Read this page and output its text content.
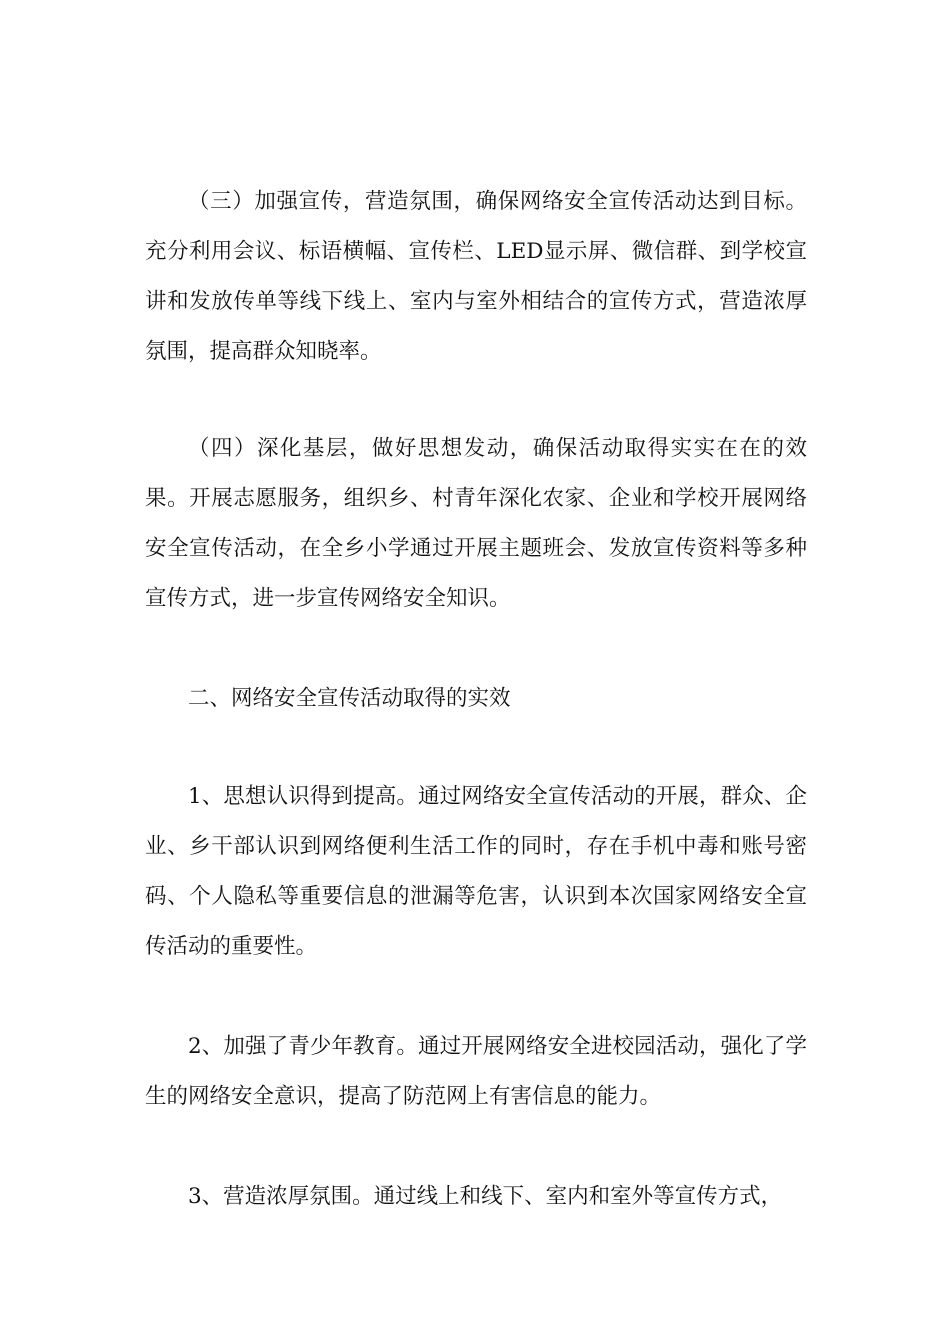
（三）加强宣传，营造氛围，确保网络安全宣传活动达到目标。充分利用会议、标语横幅、宣传栏、LED显示屏、微信群、到学校宣讲和发放传单等线下线上、室内与室外相结合的宣传方式，营造浓厚氛围，提高群众知晓率。

（四）深化基层，做好思想发动，确保活动取得实实在在的效果。开展志愿服务，组织乡、村青年深化农家、企业和学校开展网络安全宣传活动，在全乡小学通过开展主题班会、发放宣传资料等多种宣传方式，进一步宣传网络安全知识。

二、网络安全宣传活动取得的实效

1、思想认识得到提高。通过网络安全宣传活动的开展，群众、企业、乡干部认识到网络便利生活工作的同时，存在手机中毒和账号密码、个人隐私等重要信息的泄漏等危害，认识到本次国家网络安全宣传活动的重要性。

2、加强了青少年教育。通过开展网络安全进校园活动，强化了学生的网络安全意识，提高了防范网上有害信息的能力。

3、营造浓厚氛围。通过线上和线下、室内和室外等宣传方式，
